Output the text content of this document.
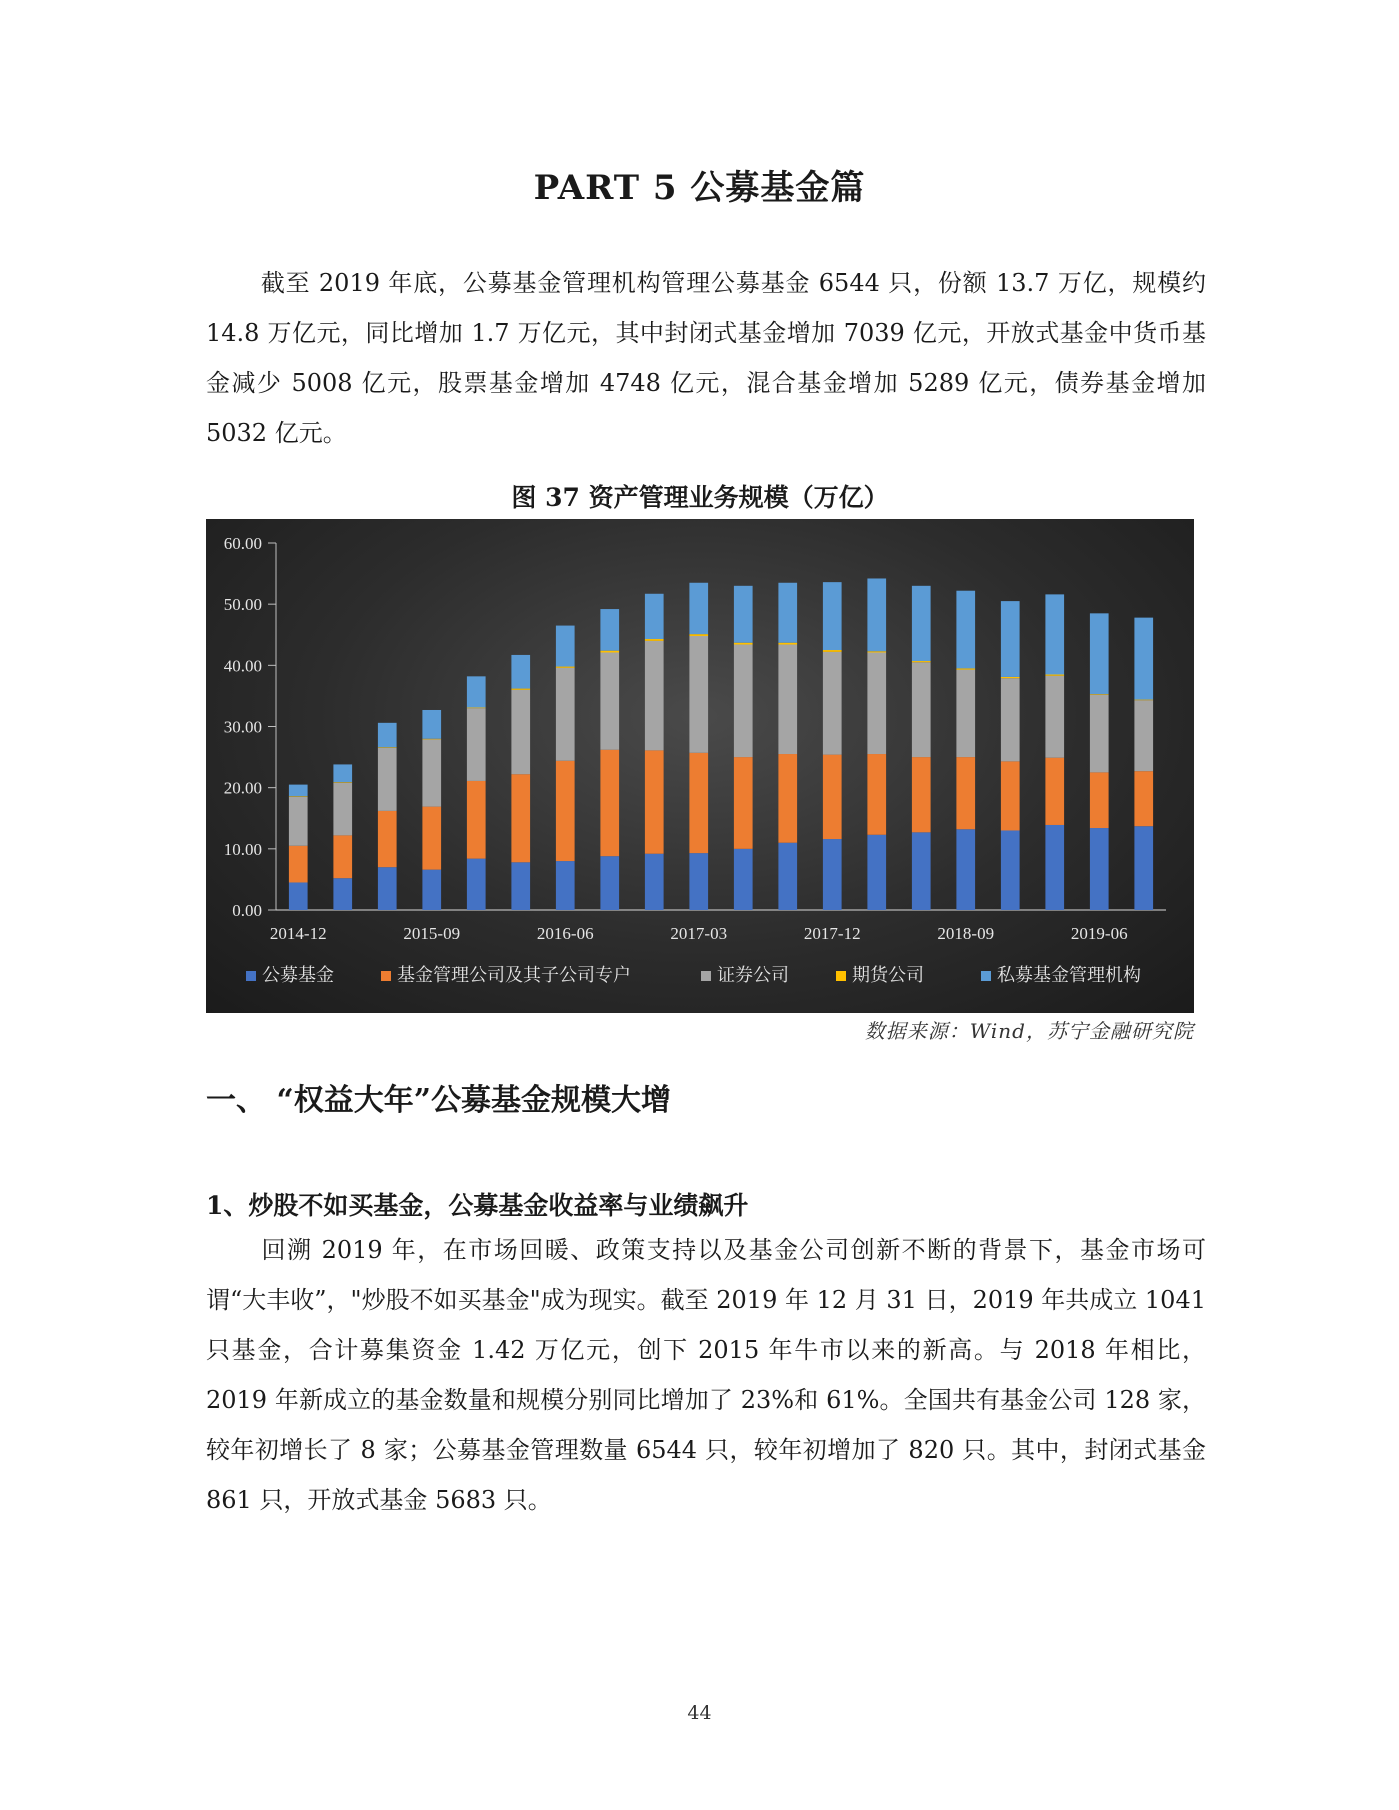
PART 5 公募基金篇

截至 2019 年底，公募基金管理机构管理公募基金 6544 只，份额 13.7 万亿，规模约 14.8 万亿元，同比增加 1.7 万亿元，其中封闭式基金增加 7039 亿元，开放式基金中货币基金减少 5008 亿元，股票基金增加 4748 亿元，混合基金增加 5289 亿元，债券基金增加 5032 亿元。

图 37 资产管理业务规模（万亿）
0.00
10.00
20.00
30.00
40.00
50.00
60.00
2014-12	2015-09	2016-06	2017-03	2017-12	2018-09	2019-06
公募基金	基金管理公司及其子公司专户	证券公司	期货公司	私募基金管理机构
数据来源：Wind，苏宁金融研究院
一、 “权益大年”公募基金规模大增
1、炒股不如买基金，公募基金收益率与业绩飙升

回溯 2019 年，在市场回暖、政策支持以及基金公司创新不断的背景下，基金市场可谓“大丰收”，"炒股不如买基金"成为现实。截至 2019 年 12 月 31 日，2019 年共成立 1041 只基金，合计募集资金 1.42 万亿元，创下 2015 年牛市以来的新高。与 2018 年相比，2019 年新成立的基金数量和规模分别同比增加了 23%和 61%。全国共有基金公司 128 家，较年初增长了 8 家；公募基金管理数量 6544 只，较年初增加了 820 只。其中，封闭式基金 861 只，开放式基金 5683 只。

44
